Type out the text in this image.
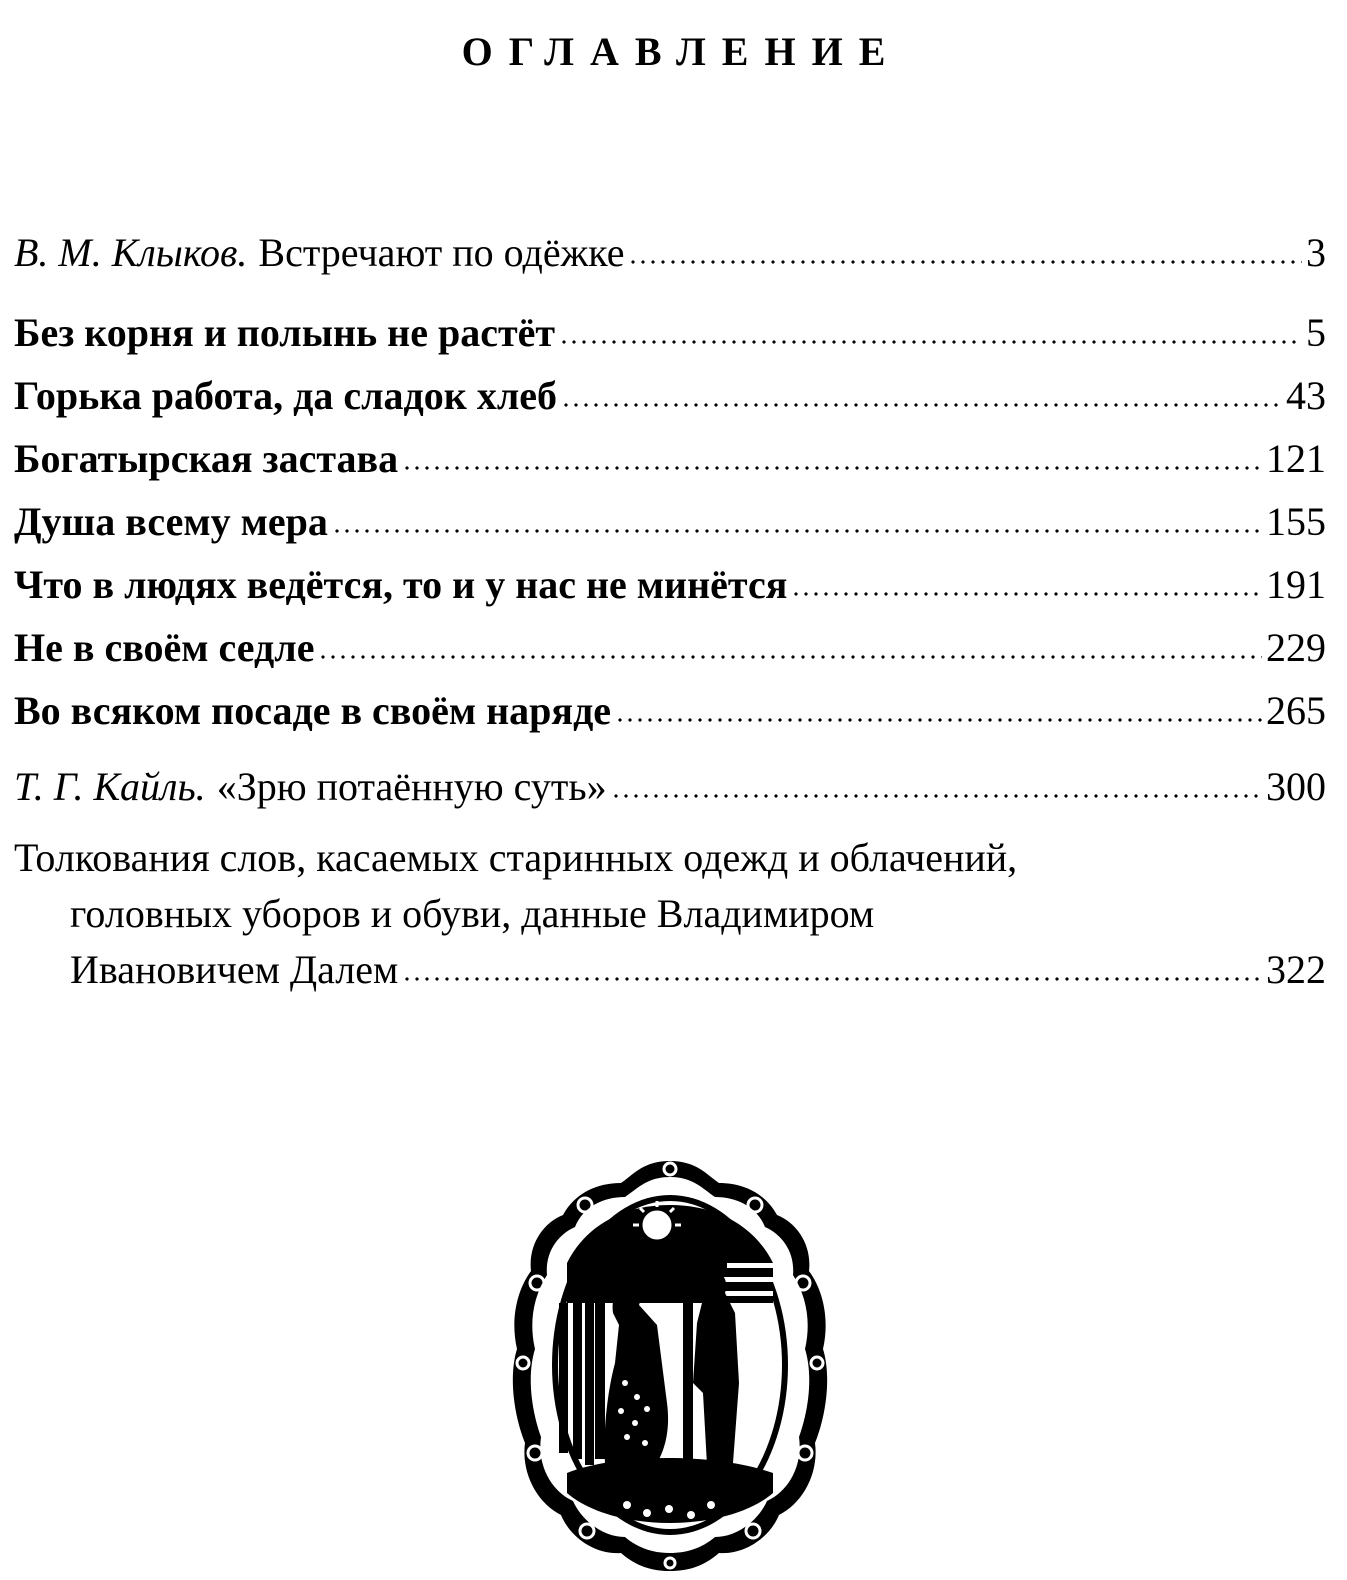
ОГЛАВЛЕНИЕ
В. М. Клыков. Встречают по одёжке	3
Без корня и полынь не растёт	5
Горька работа, да сладок хлеб	43
Богатырская застава	121
Душа всему мера	155
Что в людях ведётся, то и у нас не минётся	191
Не в своём седле	229
Во всяком посаде в своём наряде	265
Т. Г. Кайль. «Зрю потаённую суть»	300
Толкования слов, касаемых старинных одежд и облачений,
головных уборов и обуви, данные Владимиром
Ивановичем Далем	322
